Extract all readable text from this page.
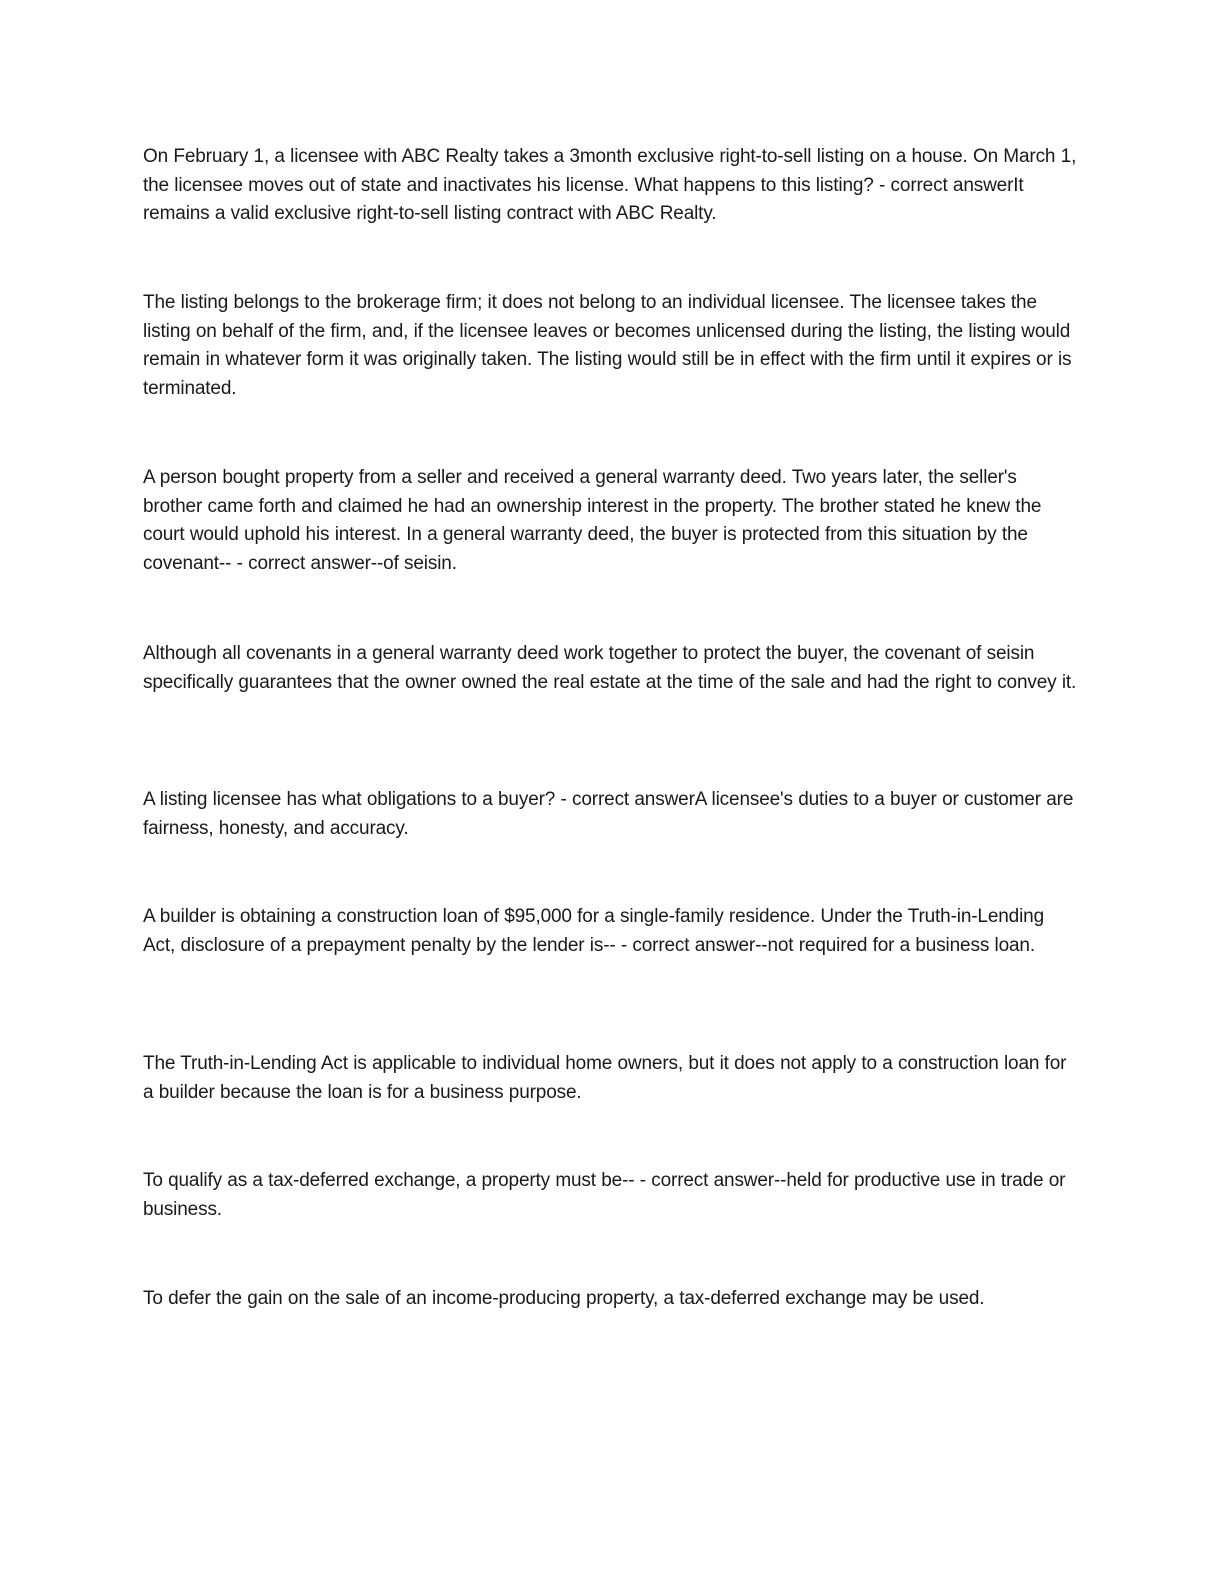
On February 1, a licensee with ABC Realty takes a 3month exclusive right-to-sell listing on a house. On March 1, the licensee moves out of state and inactivates his license. What happens to this listing? - correct answerIt remains a valid exclusive right-to-sell listing contract with ABC Realty.

The listing belongs to the brokerage firm; it does not belong to an individual licensee. The licensee takes the listing on behalf of the firm, and, if the licensee leaves or becomes unlicensed during the listing, the listing would remain in whatever form it was originally taken. The listing would still be in effect with the firm until it expires or is terminated.

A person bought property from a seller and received a general warranty deed. Two years later, the seller's brother came forth and claimed he had an ownership interest in the property. The brother stated he knew the court would uphold his interest. In a general warranty deed, the buyer is protected from this situation by the covenant-- - correct answer--of seisin.

Although all covenants in a general warranty deed work together to protect the buyer, the covenant of seisin specifically guarantees that the owner owned the real estate at the time of the sale and had the right to convey it.

A listing licensee has what obligations to a buyer? - correct answerA licensee's duties to a buyer or customer are fairness, honesty, and accuracy.

A builder is obtaining a construction loan of $95,000 for a single-family residence. Under the Truth-in-Lending Act, disclosure of a prepayment penalty by the lender is-- - correct answer--not required for a business loan.

The Truth-in-Lending Act is applicable to individual home owners, but it does not apply to a construction loan for a builder because the loan is for a business purpose.

To qualify as a tax-deferred exchange, a property must be-- - correct answer--held for productive use in trade or business.

To defer the gain on the sale of an income-producing property, a tax-deferred exchange may be used.
